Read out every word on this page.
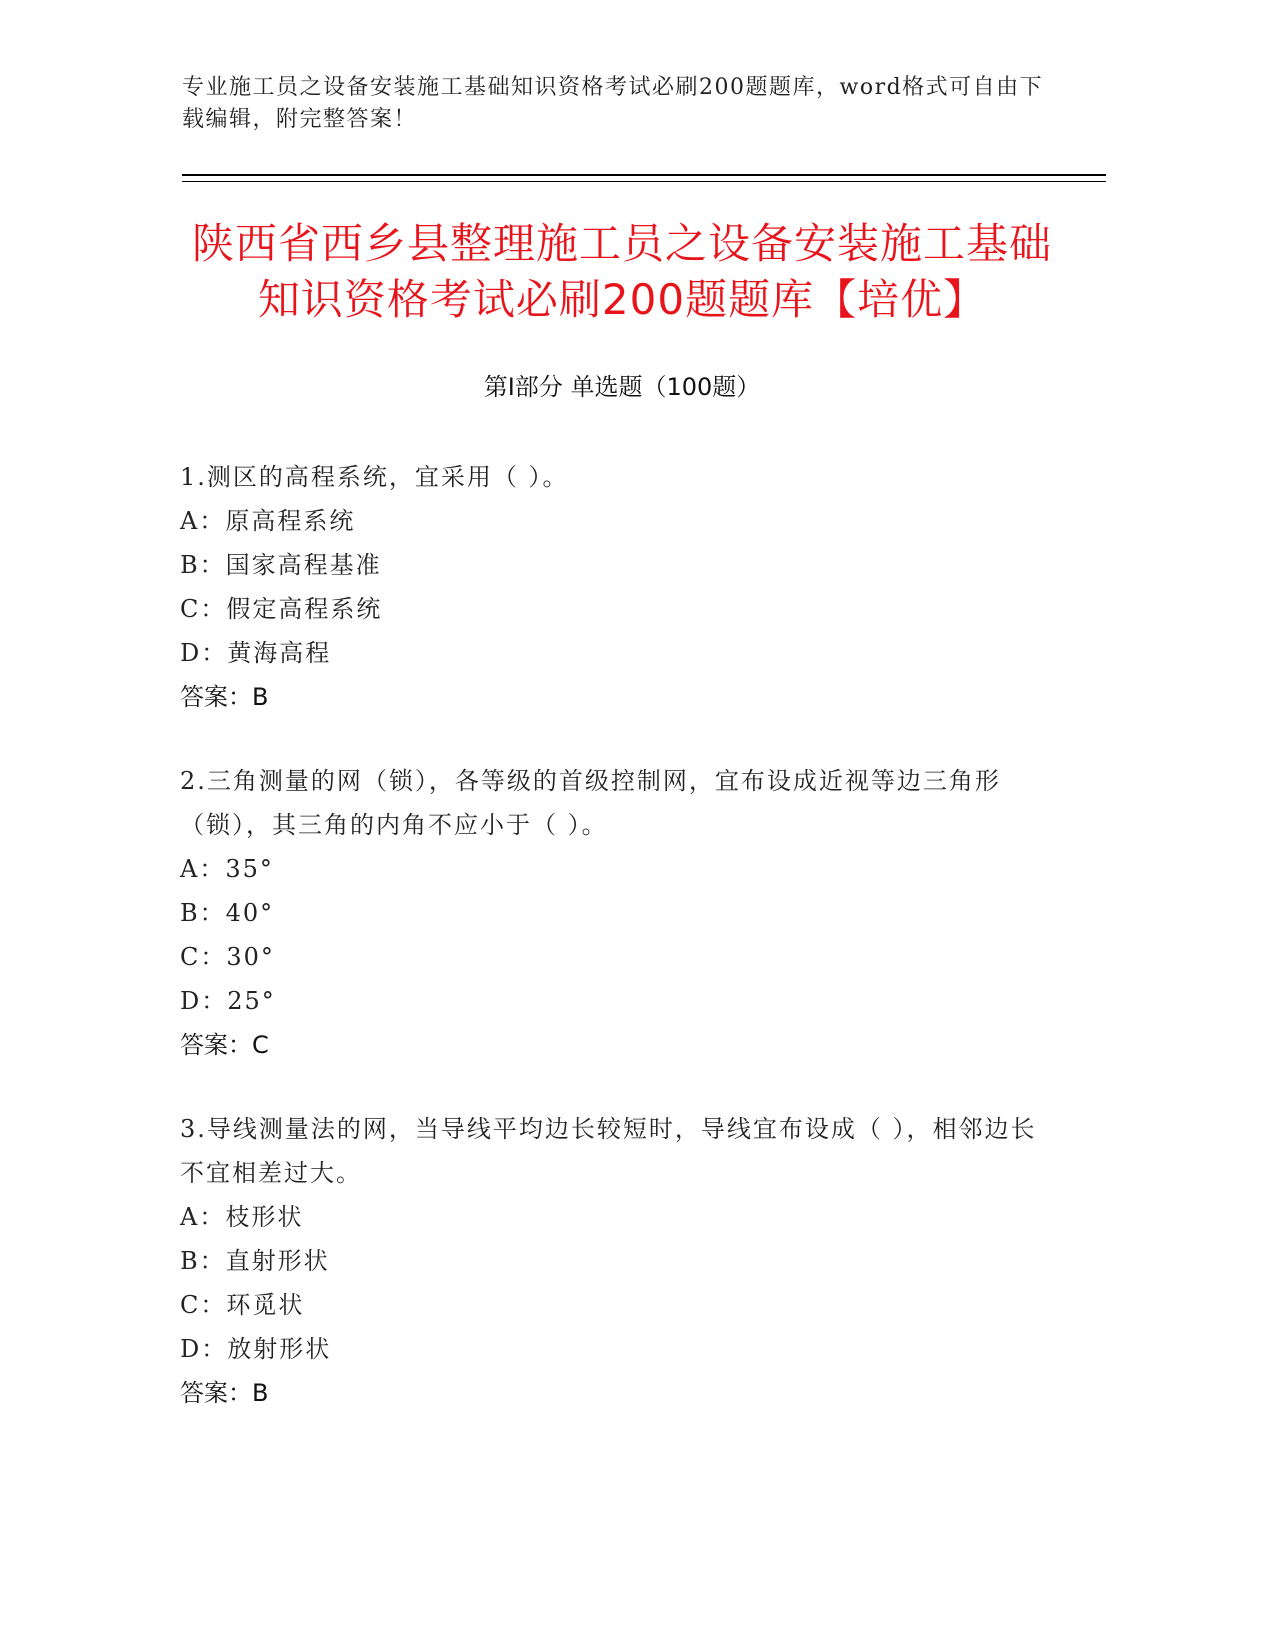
专业施工员之设备安装施工基础知识资格考试必刷200题题库，word格式可自由下载编辑，附完整答案！
陕西省西乡县整理施工员之设备安装施工基础知识资格考试必刷200题题库【培优】
第I部分 单选题（100题）
1.测区的高程系统，宜采用（ ）。
A：原高程系统
B：国家高程基准
C：假定高程系统
D：黄海高程
答案：B
2.三角测量的网（锁），各等级的首级控制网，宜布设成近视等边三角形（锁），其三角的内角不应小于（ ）。
A：35°
B：40°
C：30°
D：25°
答案：C
3.导线测量法的网，当导线平均边长较短时，导线宜布设成（ ），相邻边长不宜相差过大。
A：枝形状
B：直射形状
C：环觅状
D：放射形状
答案：B
